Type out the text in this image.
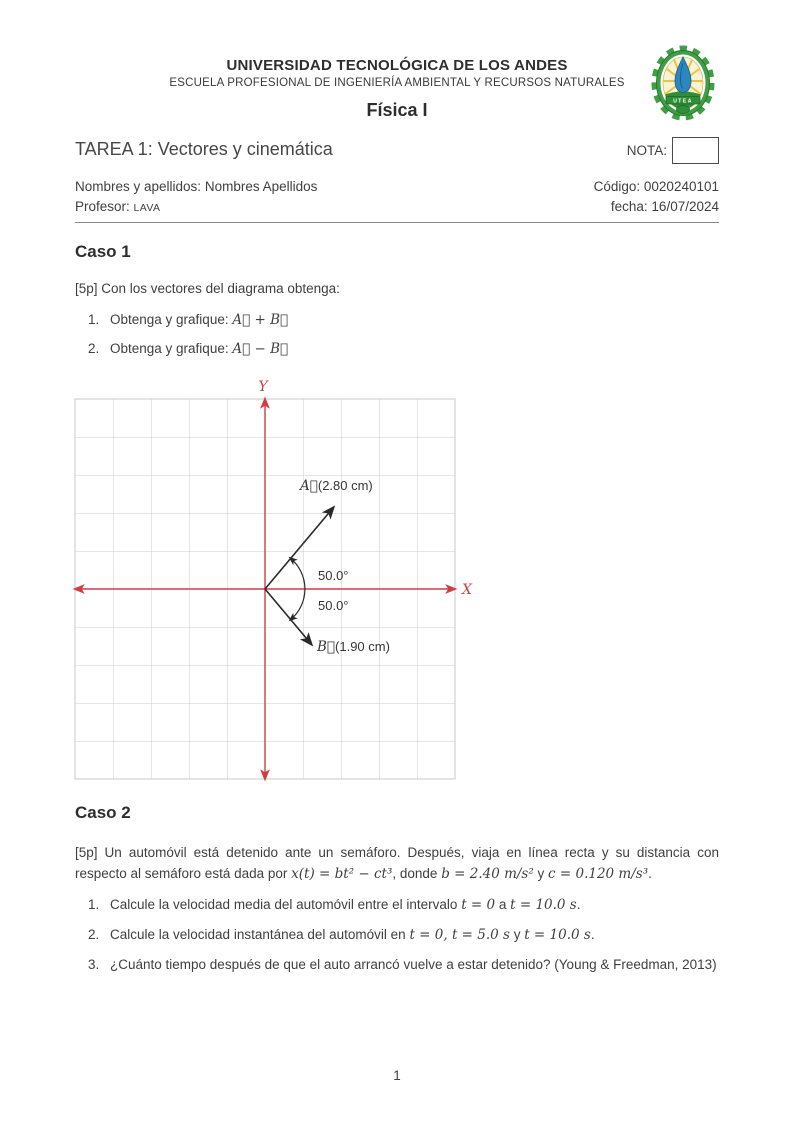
UTEA
UNIVERSIDAD TECNOLÓGICA DE LOS ANDES
ESCUELA PROFESIONAL DE INGENIERÍA AMBIENTAL Y RECURSOS NATURALES
Física I
TAREA 1: Vectores y cinemática	NOTA:
Nombres y apellidos: Nombres Apellidos	Código: 0020240101
Profesor: LAVA	fecha: 16/07/2024
Caso 1
[5p] Con los vectores del diagrama obtenga:
1. Obtenga y grafique: A⃗ + B⃗
2. Obtenga y grafique: A⃗ − B⃗
Y
X
A⃗(2.80 cm)
50.0°
50.0°
B⃗(1.90 cm)
Caso 2
[5p] Un automóvil está detenido ante un semáforo. Después, viaja en línea recta y su distancia con respecto al semáforo está dada por x(t) = bt² − ct³, donde b = 2.40 m/s² y c = 0.120 m/s³.
1. Calcule la velocidad media del automóvil entre el intervalo t = 0 a t = 10.0 s.
2. Calcule la velocidad instantánea del automóvil en t = 0, t = 5.0 s y t = 10.0 s.
3. ¿Cuánto tiempo después de que el auto arrancó vuelve a estar detenido? (Young & Freedman, 2013)
1
